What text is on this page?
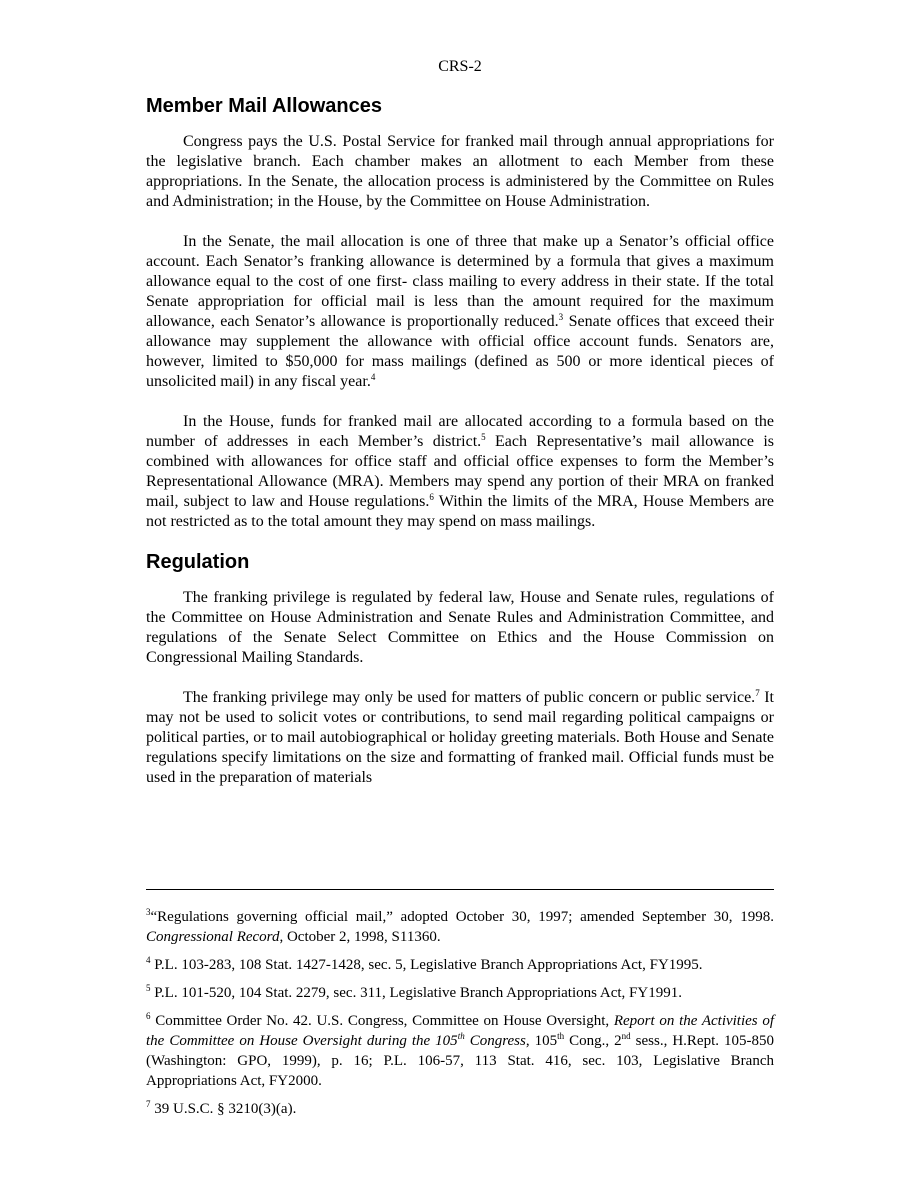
CRS-2
Member Mail Allowances

Congress pays the U.S. Postal Service for franked mail through annual appropriations for the legislative branch. Each chamber makes an allotment to each Member from these appropriations. In the Senate, the allocation process is administered by the Committee on Rules and Administration; in the House, by the Committee on House Administration.

In the Senate, the mail allocation is one of three that make up a Senator’s official office account. Each Senator’s franking allowance is determined by a formula that gives a maximum allowance equal to the cost of one first- class mailing to every address in their state. If the total Senate appropriation for official mail is less than the amount required for the maximum allowance, each Senator’s allowance is proportionally reduced.$^3$ Senate offices that exceed their allowance may supplement the allowance with official office account funds. Senators are, however, limited to $50,000 for mass mailings (defined as 500 or more identical pieces of unsolicited mail) in any fiscal year.$^4$

In the House, funds for franked mail are allocated according to a formula based on the number of addresses in each Member’s district.$^5$ Each Representative’s mail allowance is combined with allowances for office staff and official office expenses to form the Member’s Representational Allowance (MRA). Members may spend any portion of their MRA on franked mail, subject to law and House regulations.$^6$ Within the limits of the MRA, House Members are not restricted as to the total amount they may spend on mass mailings.

Regulation

The franking privilege is regulated by federal law, House and Senate rules, regulations of the Committee on House Administration and Senate Rules and Administration Committee, and regulations of the Senate Select Committee on Ethics and the House Commission on Congressional Mailing Standards.

The franking privilege may only be used for matters of public concern or public service.$^7$ It may not be used to solicit votes or contributions, to send mail regarding political campaigns or political parties, or to mail autobiographical or holiday greeting materials. Both House and Senate regulations specify limitations on the size and formatting of franked mail. Official funds must be used in the preparation of materials

$^3$“Regulations governing official mail,” adopted October 30, 1997; amended September 30, 1998. Congressional Record, October 2, 1998, S11360.

$^4$ P.L. 103-283, 108 Stat. 1427-1428, sec. 5, Legislative Branch Appropriations Act, FY1995.

$^5$ P.L. 101-520, 104 Stat. 2279, sec. 311, Legislative Branch Appropriations Act, FY1991.

$^6$ Committee Order No. 42. U.S. Congress, Committee on House Oversight, Report on the Activities of the Committee on House Oversight during the 105th Congress, 105th Cong., 2nd sess., H.Rept. 105-850 (Washington: GPO, 1999), p. 16; P.L. 106-57, 113 Stat. 416, sec. 103, Legislative Branch Appropriations Act, FY2000.

$^7$ 39 U.S.C. § 3210(3)(a).
